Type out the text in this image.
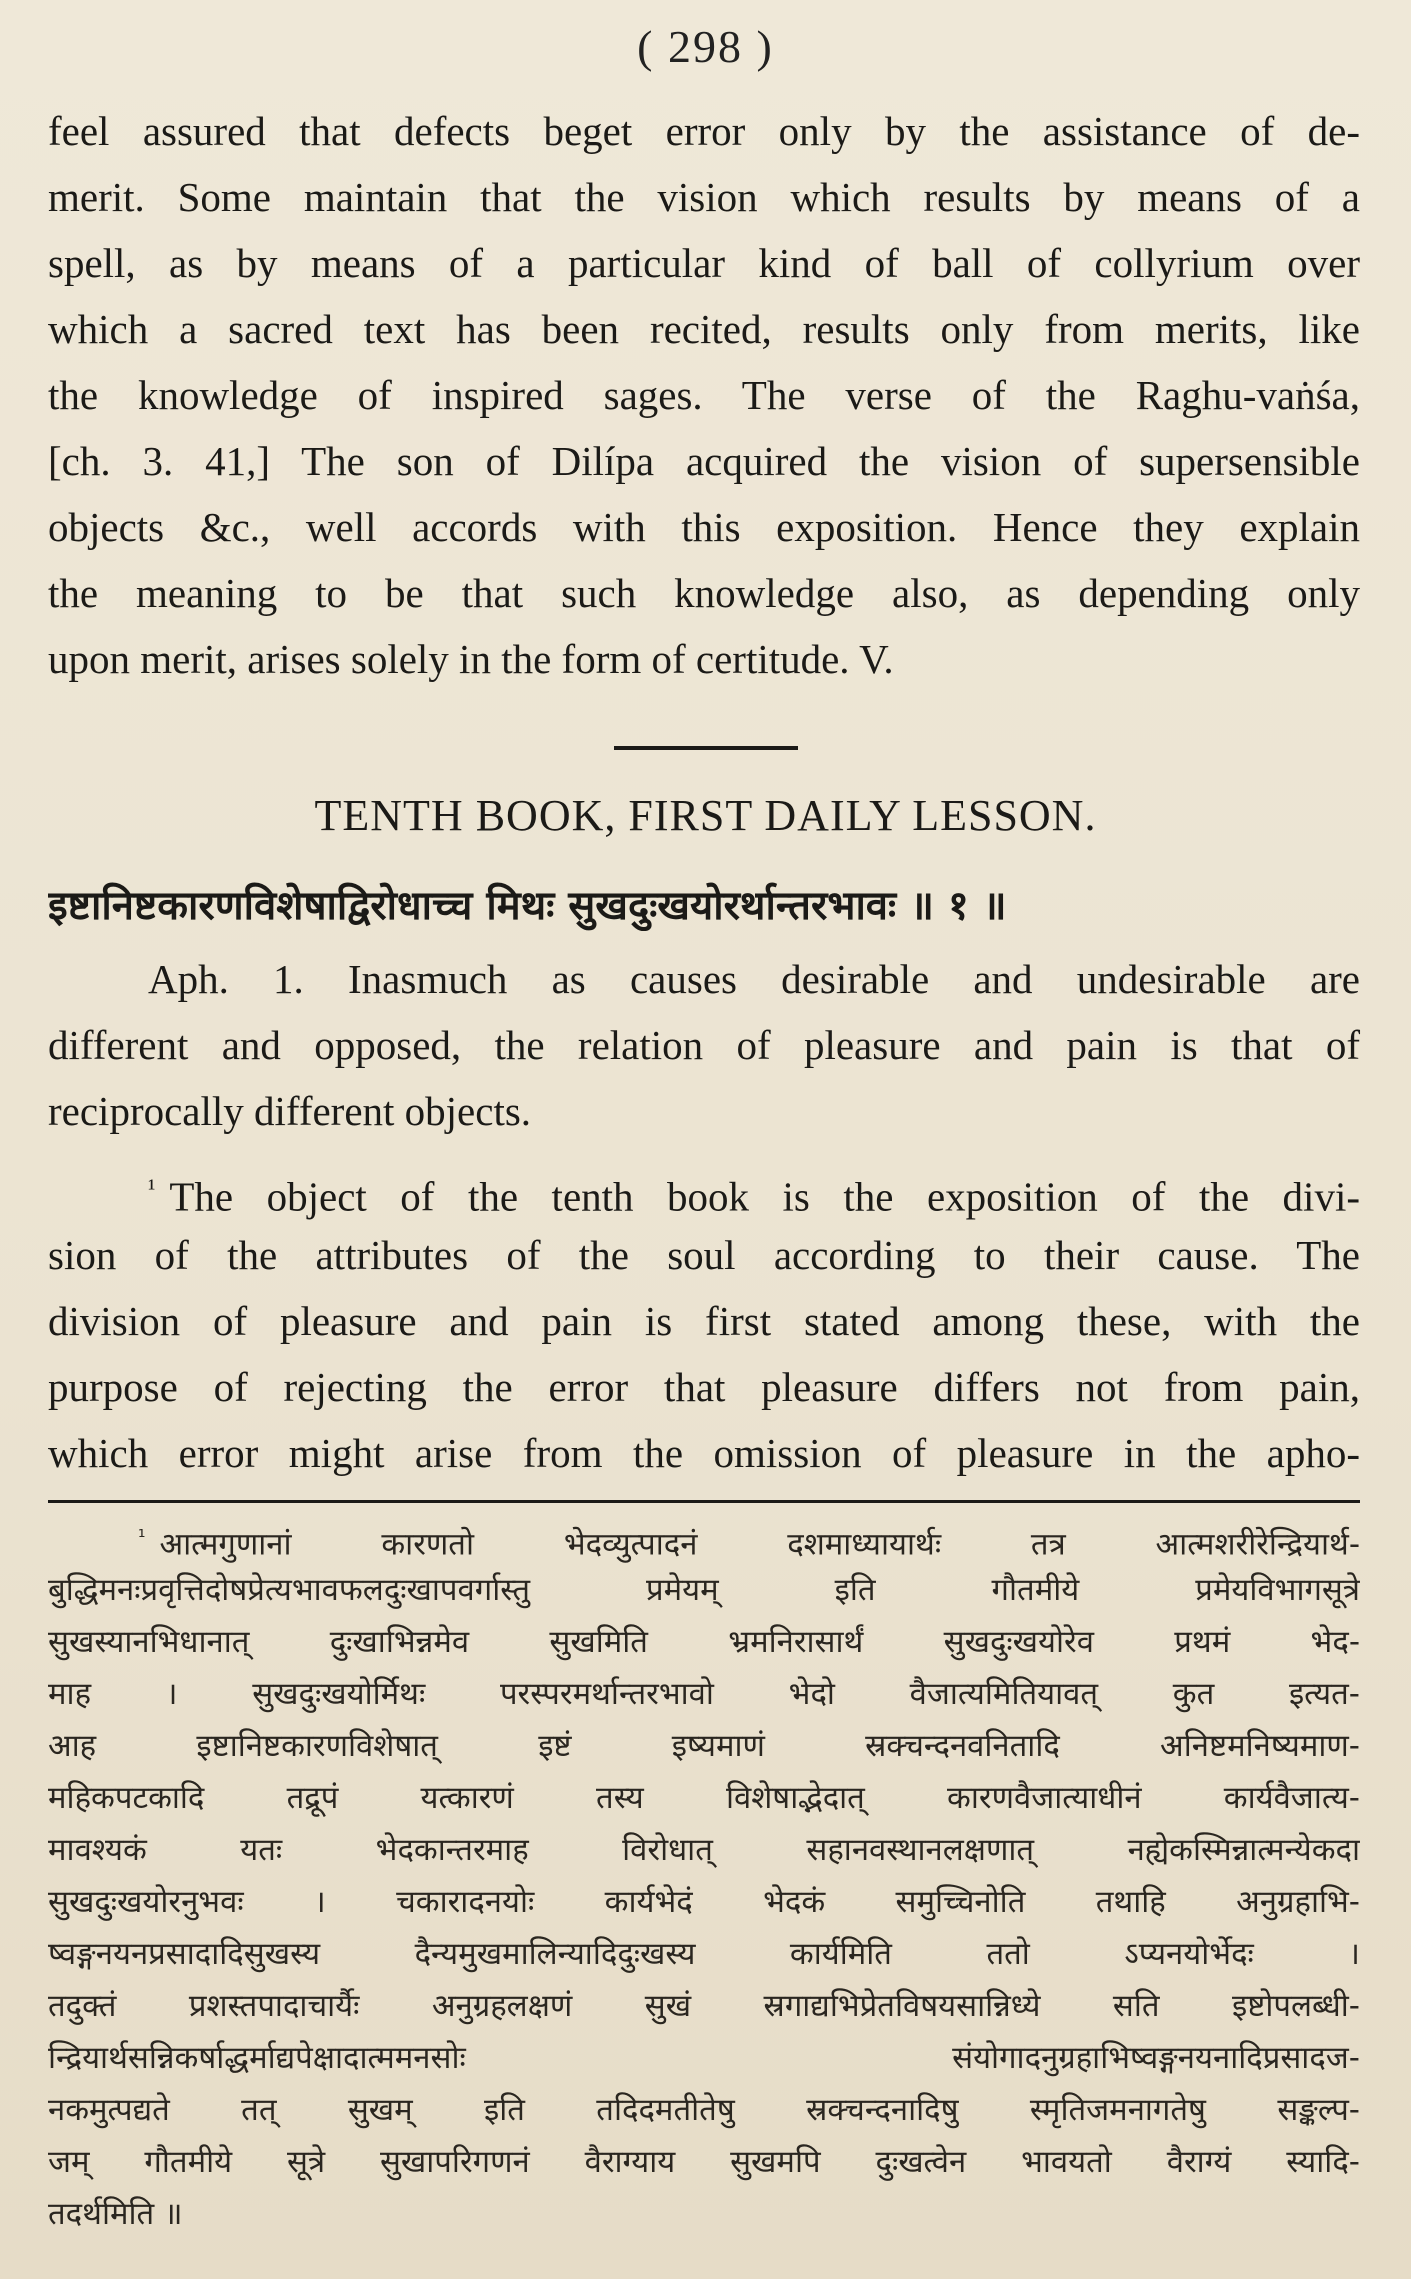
( 298 )
feel assured that defects beget error only by the assistance of de-
merit. Some maintain that the vision which results by means of a
spell, as by means of a particular kind of ball of collyrium over
which a sacred text has been recited, results only from merits, like
the knowledge of inspired sages. The verse of the Raghu-vaṅśa,
[ch. 3. 41,] The son of Dilípa acquired the vision of supersensible
objects &c., well accords with this exposition. Hence they explain
the meaning to be that such knowledge also, as depending only
upon merit, arises solely in the form of certitude. V.
TENTH BOOK, FIRST DAILY LESSON.
इष्टानिष्टकारणविशेषाद्विरोधाच्च मिथः सुखदुःखयोरर्थान्तरभावः ॥ १ ॥
Aph. 1. Inasmuch as causes desirable and undesirable are
different and opposed, the relation of pleasure and pain is that of
reciprocally different objects.
$^{^1}$ The object of the tenth book is the exposition of the divi-
sion of the attributes of the soul according to their cause. The
division of pleasure and pain is first stated among these, with the
purpose of rejecting the error that pleasure differs not from pain,
which error might arise from the omission of pleasure in the apho-
$^{^1}$ आत्मगुणानां कारणतो भेदव्युत्पादनं दशमाध्यायार्थः तत्र आत्मशरीरेन्द्रियार्थ-
बुद्धिमनःप्रवृत्तिदोषप्रेत्यभावफलदुःखापवर्गास्तु प्रमेयम् इति गौतमीये प्रमेयविभागसूत्रे
सुखस्यानभिधानात् दुःखाभिन्नमेव सुखमिति भ्रमनिरासार्थं सुखदुःखयोरेव प्रथमं भेद-
माह । सुखदुःखयोर्मिथः परस्परमर्थान्तरभावो भेदो वैजात्यमितियावत् कुत इत्यत-
आह इष्टानिष्टकारणविशेषात् इष्टं इष्यमाणं स्रक्चन्दनवनितादि अनिष्टमनिष्यमाण-
महिकपटकादि तद्रूपं यत्कारणं तस्य विशेषाद्भेदात् कारणवैजात्याधीनं कार्यवैजात्य-
मावश्यकं यतः भेदकान्तरमाह विरोधात् सहानवस्थानलक्षणात् नह्येकस्मिन्नात्मन्येकदा
सुखदुःखयोरनुभवः । चकारादनयोः कार्यभेदं भेदकं समुच्चिनोति तथाहि अनुग्रहाभि-
ष्वङ्गनयनप्रसादादिसुखस्य दैन्यमुखमालिन्यादिदुःखस्य कार्यमिति ततो ऽप्यनयोर्भेदः ।
तदुक्तं प्रशस्तपादाचार्यैः अनुग्रहलक्षणं सुखं स्रगाद्यभिप्रेतविषयसान्निध्ये सति इष्टोपलब्धी-
न्द्रियार्थसन्निकर्षाद्धर्माद्यपेक्षादात्ममनसोः संयोगादनुग्रहाभिष्वङ्गनयनादिप्रसादज-
नकमुत्पद्यते तत् सुखम् इति तदिदमतीतेषु स्रक्चन्दनादिषु स्मृतिजमनागतेषु सङ्कल्प-
जम् गौतमीये सूत्रे सुखापरिगणनं वैराग्याय सुखमपि दुःखत्वेन भावयतो वैराग्यं स्यादि-
तदर्थमिति ॥
